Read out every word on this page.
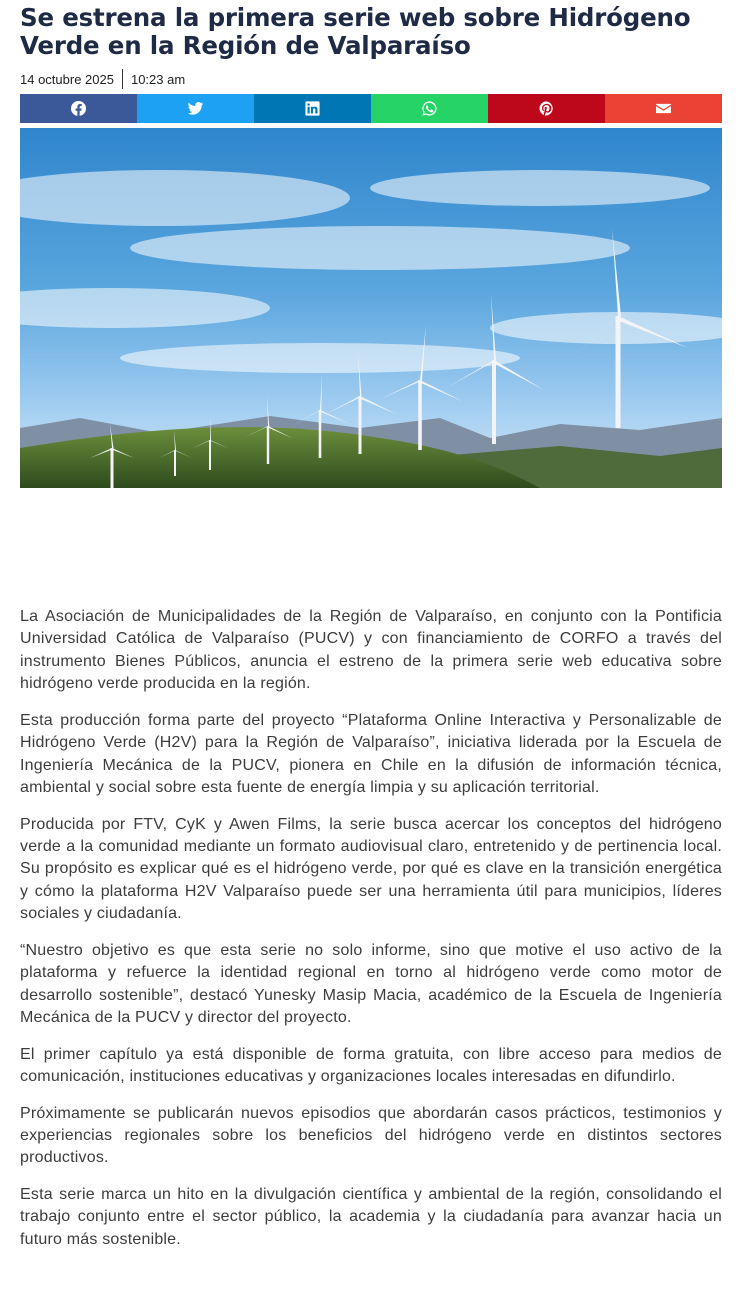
Se estrena la primera serie web sobre Hidrógeno Verde en la Región de Valparaíso
14 octubre 2025	10:23 am

La Asociación de Municipalidades de la Región de Valparaíso, en conjunto con la Pontificia Universidad Católica de Valparaíso (PUCV) y con financiamiento de CORFO a través del instrumento Bienes Públicos, anuncia el estreno de la primera serie web educativa sobre hidrógeno verde producida en la región.

Esta producción forma parte del proyecto “Plataforma Online Interactiva y Personalizable de Hidrógeno Verde (H2V) para la Región de Valparaíso”, iniciativa liderada por la Escuela de Ingeniería Mecánica de la PUCV, pionera en Chile en la difusión de información técnica, ambiental y social sobre esta fuente de energía limpia y su aplicación territorial.

Producida por FTV, CyK y Awen Films, la serie busca acercar los conceptos del hidrógeno verde a la comunidad mediante un formato audiovisual claro, entretenido y de pertinencia local. Su propósito es explicar qué es el hidrógeno verde, por qué es clave en la transición energética y cómo la plataforma H2V Valparaíso puede ser una herramienta útil para municipios, líderes sociales y ciudadanía.

“Nuestro objetivo es que esta serie no solo informe, sino que motive el uso activo de la plataforma y refuerce la identidad regional en torno al hidrógeno verde como motor de desarrollo sostenible”, destacó Yunesky Masip Macia, académico de la Escuela de Ingeniería Mecánica de la PUCV y director del proyecto.

El primer capítulo ya está disponible de forma gratuita, con libre acceso para medios de comunicación, instituciones educativas y organizaciones locales interesadas en difundirlo.

Próximamente se publicarán nuevos episodios que abordarán casos prácticos, testimonios y experiencias regionales sobre los beneficios del hidrógeno verde en distintos sectores productivos.

Esta serie marca un hito en la divulgación científica y ambiental de la región, consolidando el trabajo conjunto entre el sector público, la academia y la ciudadanía para avanzar hacia un futuro más sostenible.
